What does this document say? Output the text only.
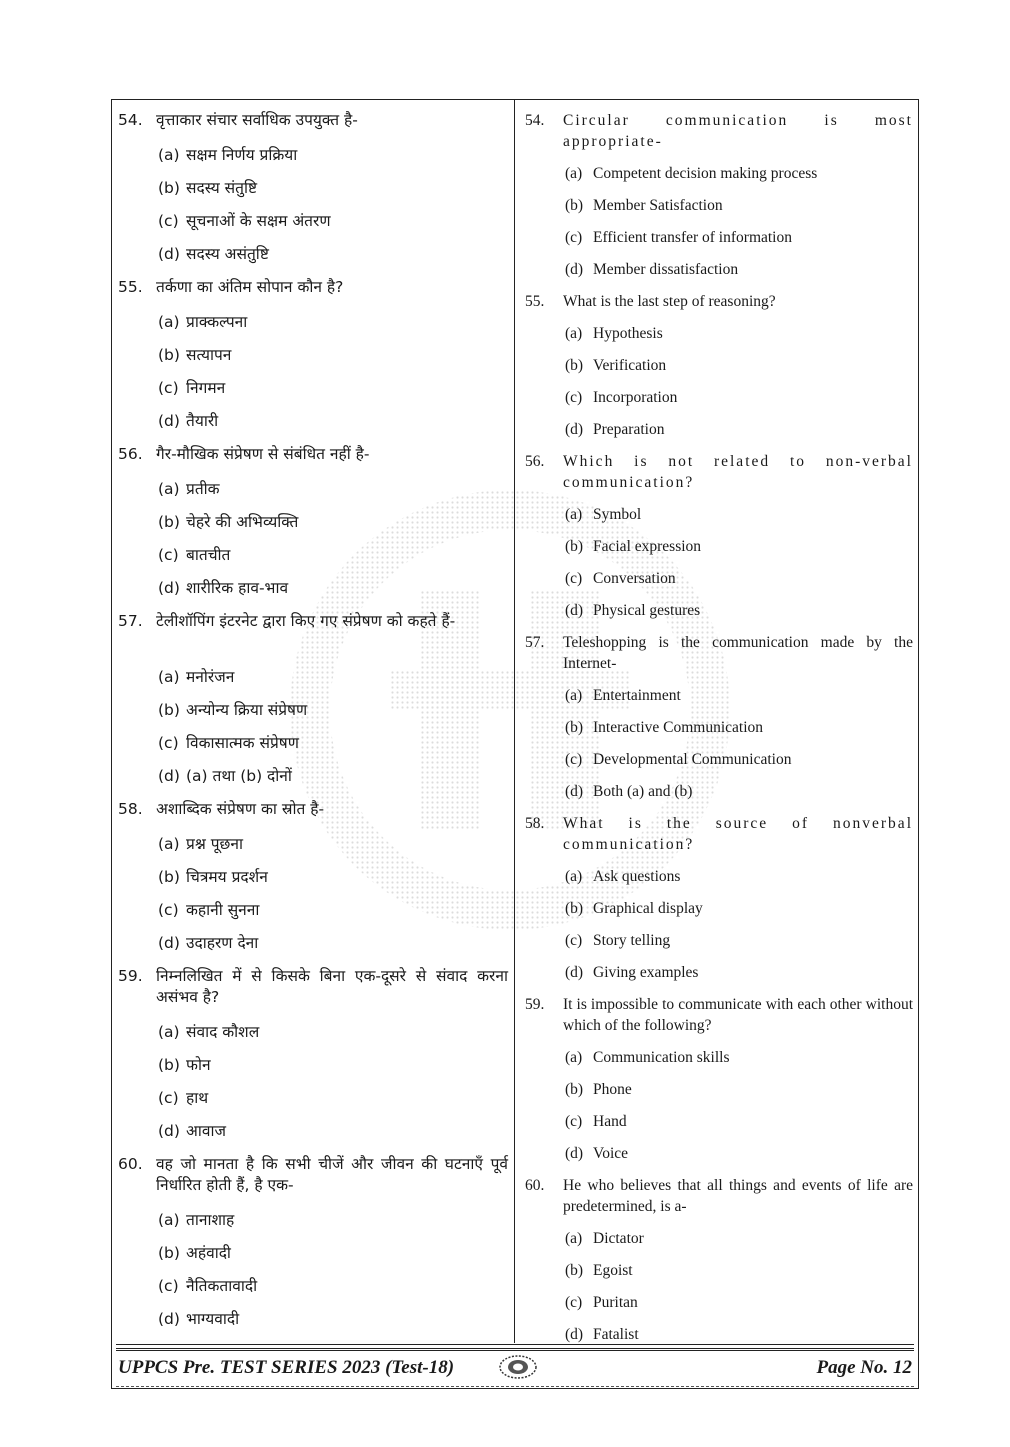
54. वृत्ताकार संचार सर्वाधिक उपयुक्त है-
(a) सक्षम निर्णय प्रक्रिया
(b) सदस्य संतुष्टि
(c) सूचनाओं के सक्षम अंतरण
(d) सदस्य असंतुष्टि
55. तर्कणा का अंतिम सोपान कौन है?
(a) प्राक्कल्पना
(b) सत्यापन
(c) निगमन
(d) तैयारी
56. गैर-मौखिक संप्रेषण से संबंधित नहीं है-
(a) प्रतीक
(b) चेहरे की अभिव्यक्ति
(c) बातचीत
(d) शारीरिक हाव-भाव
57. टेलीशॉपिंग इंटरनेट द्वारा किए गए संप्रेषण को कहते हैं-
(a) मनोरंजन
(b) अन्योन्य क्रिया संप्रेषण
(c) विकासात्मक संप्रेषण
(d) (a) तथा (b) दोनों
58. अशाब्दिक संप्रेषण का स्रोत है-
(a) प्रश्न पूछना
(b) चित्रमय प्रदर्शन
(c) कहानी सुनना
(d) उदाहरण देना
59. निम्नलिखित में से किसके बिना एक-दूसरे से संवाद करना असंभव है?
(a) संवाद कौशल
(b) फोन
(c) हाथ
(d) आवाज
60. वह जो मानता है कि सभी चीजें और जीवन की घटनाएँ पूर्व निर्धारित होती हैं, है एक-
(a) तानाशाह
(b) अहंवादी
(c) नैतिकतावादी
(d) भाग्यवादी
54.	Circular communication is most appropriate-
(a) Competent decision making process
(b) Member Satisfaction
(c) Efficient transfer of information
(d) Member dissatisfaction
55.	What is the last step of reasoning?
(a) Hypothesis
(b) Verification
(c) Incorporation
(d) Preparation
56.	Which is not related to non-verbal communication?
(a) Symbol
(b) Facial expression
(c) Conversation
(d) Physical gestures
57.	Teleshopping is the communication made by the Internet-
(a) Entertainment
(b) Interactive Communication
(c) Developmental Communication
(d) Both (a) and (b)
58.	What is the source of nonverbal communication?
(a) Ask questions
(b) Graphical display
(c) Story telling
(d) Giving examples
59.	It is impossible to communicate with each other without which of the following?
(a) Communication skills
(b) Phone
(c) Hand
(d) Voice
60.	He who believes that all things and events of life are predetermined, is a-
(a) Dictator
(b) Egoist
(c) Puritan
(d) Fatalist
UPPCS Pre. TEST SERIES 2023 (Test-18)	Page No. 12
